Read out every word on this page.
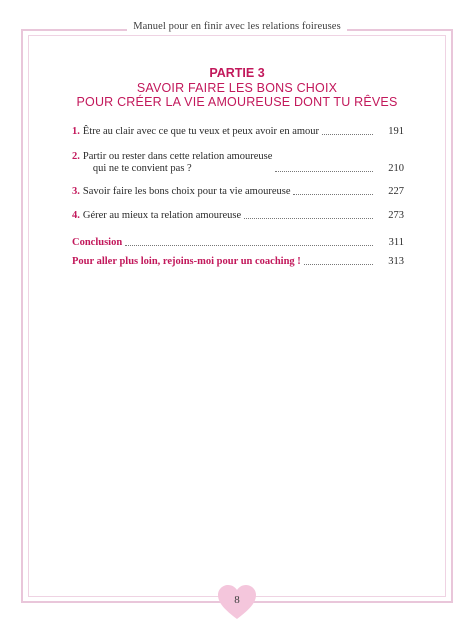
Manuel pour en finir avec les relations foireuses
PARTIE 3
SAVOIR FAIRE LES BONS CHOIX
POUR CRÉER LA VIE AMOUREUSE DONT TU RÊVES
1. Être au clair avec ce que tu veux et peux avoir en amour	191
2. Partir ou rester dans cette relation amoureuse
qui ne te convient pas ?	210
3. Savoir faire les bons choix pour ta vie amoureuse	227
4. Gérer au mieux ta relation amoureuse	273
Conclusion	311
Pour aller plus loin, rejoins-moi pour un coaching !	313
8
